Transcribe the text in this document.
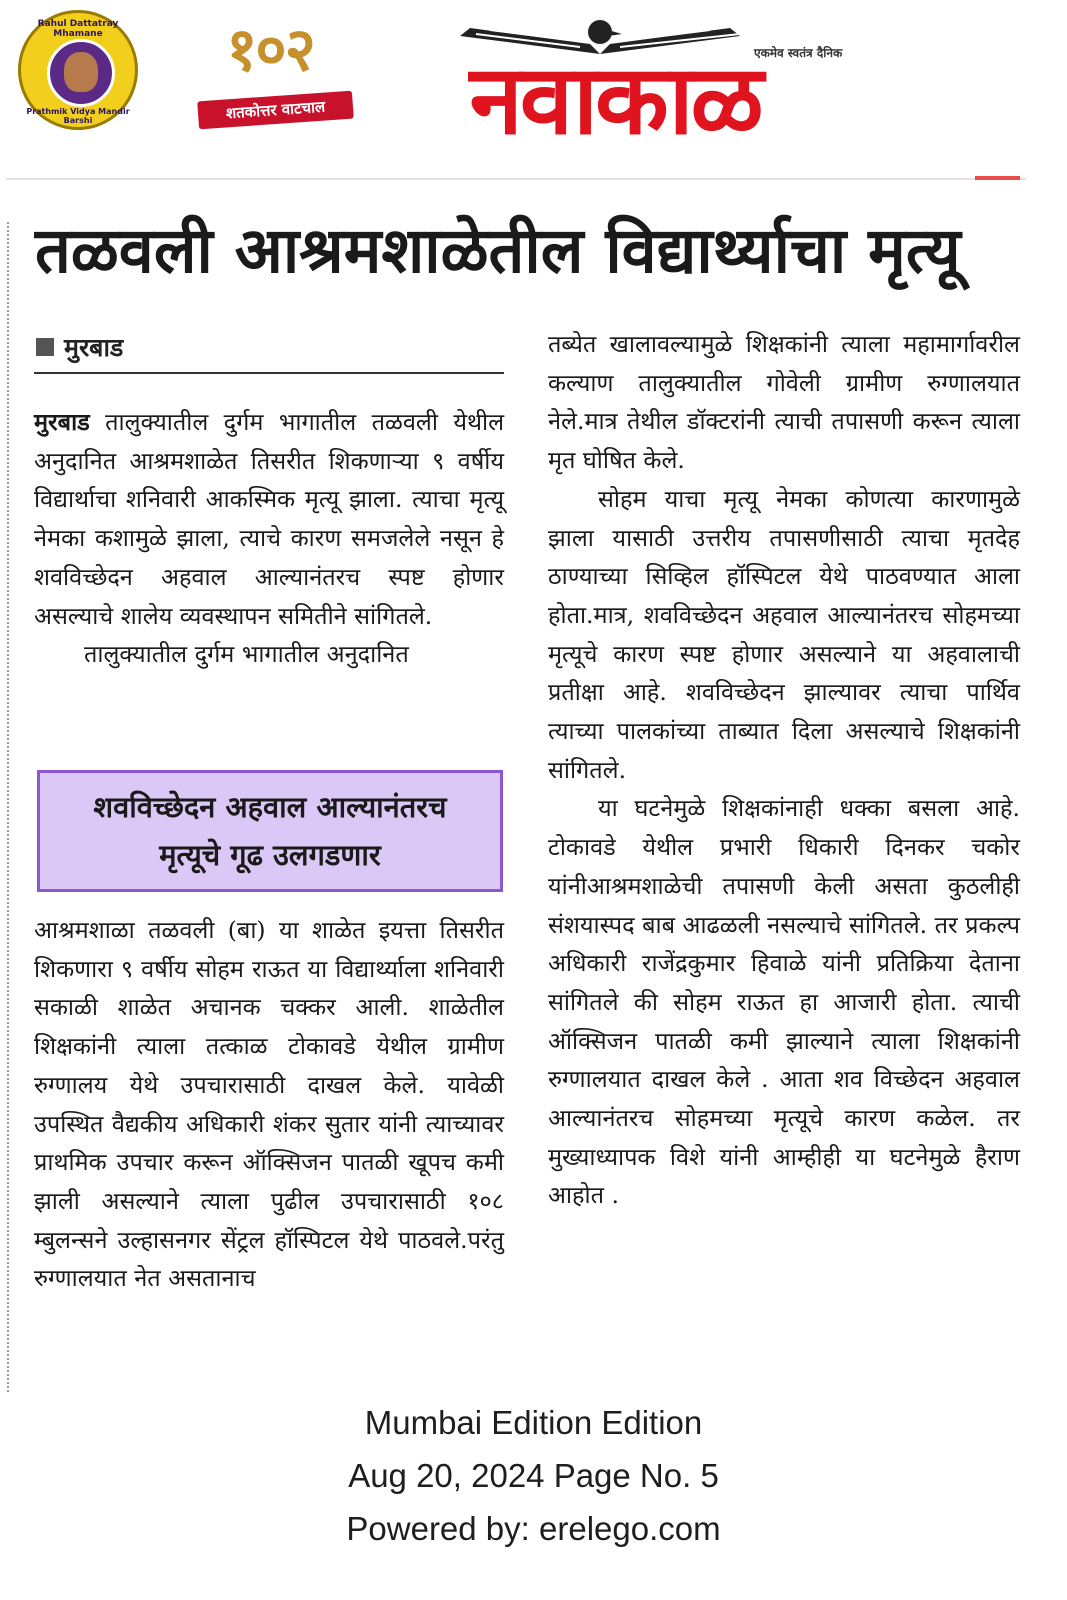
Rahul Dattatray Mhamane
Prathmik Vidya Mandir Barshi
१०२
शतकोत्तर वाटचाल
एकमेव स्वतंत्र दैनिक
नवाकाळ
तळवली आश्रमशाळेतील विद्यार्थ्याचा मृत्यू
मुरबाड

मुरबाड तालुक्यातील दुर्गम भागातील तळवली येथील अनुदानित आश्रमशाळेत तिसरीत शिकणाऱ्या ९ वर्षीय विद्यार्थाचा शनिवारी आकस्मिक मृत्यू झाला. त्याचा मृत्यू नेमका कशामुळे झाला, त्याचे कारण समजलेले नसून हे शवविच्छेदन अहवाल आल्यानंतरच स्पष्ट होणार असल्याचे शालेय व्यवस्थापन समितीने सांगितले.

तालुक्यातील दुर्गम भागातील अनुदानित

शवविच्छेदन अहवाल आल्यानंतरच
मृत्यूचे गूढ उलगडणार

आश्रमशाळा तळवली (बा) या शाळेत इयत्ता तिसरीत शिकणारा ९ वर्षीय सोहम राऊत या विद्यार्थ्याला शनिवारी सकाळी शाळेत अचानक चक्कर आली. शाळेतील शिक्षकांनी त्याला तत्काळ टोकावडे येथील ग्रामीण रुग्णालय येथे उपचारासाठी दाखल केले. यावेळी उपस्थित वैद्यकीय अधिकारी शंकर सुतार यांनी त्याच्यावर प्राथमिक उपचार करून ऑक्सिजन पातळी खूपच कमी झाली असल्याने त्याला पुढील उपचारासाठी १०८ म्बुलन्सने उल्हासनगर सेंट्रल हॉस्पिटल येथे पाठवले.परंतु रुग्णालयात नेत असतानाच

तब्येत खालावल्यामुळे शिक्षकांनी त्याला महामार्गावरील कल्याण तालुक्यातील गोवेली ग्रामीण रुग्णालयात नेले.मात्र तेथील डॉक्टरांनी त्याची तपासणी करून त्याला मृत घोषित केले.

सोहम याचा मृत्यू नेमका कोणत्या कारणामुळे झाला यासाठी उत्तरीय तपासणीसाठी त्याचा मृतदेह ठाण्याच्या सिव्हिल हॉस्पिटल येथे पाठवण्यात आला होता.मात्र, शवविच्छेदन अहवाल आल्यानंतरच सोहमच्या मृत्यूचे कारण स्पष्ट होणार असल्याने या अहवालाची प्रतीक्षा आहे. शवविच्छेदन झाल्यावर त्याचा पार्थिव त्याच्या पालकांच्या ताब्यात दिला असल्याचे शिक्षकांनी सांगितले.

या घटनेमुळे शिक्षकांनाही धक्का बसला आहे. टोकावडे येथील प्रभारी धिकारी दिनकर चकोर यांनीआश्रमशाळेची तपासणी केली असता कुठलीही संशयास्पद बाब आढळली नसल्याचे सांगितले. तर प्रकल्प अधिकारी राजेंद्रकुमार हिवाळे यांनी प्रतिक्रिया देताना सांगितले की सोहम राऊत हा आजारी होता. त्याची ऑक्सिजन पातळी कमी झाल्याने त्याला शिक्षकांनी रुग्णालयात दाखल केले . आता शव विच्छेदन अहवाल आल्यानंतरच सोहमच्या मृत्यूचे कारण कळेल. तर मुख्याध्यापक विशे यांनी आम्हीही या घटनेमुळे हैराण आहोत .

Mumbai Edition Edition
Aug 20, 2024 Page No. 5
Powered by: erelego.com
